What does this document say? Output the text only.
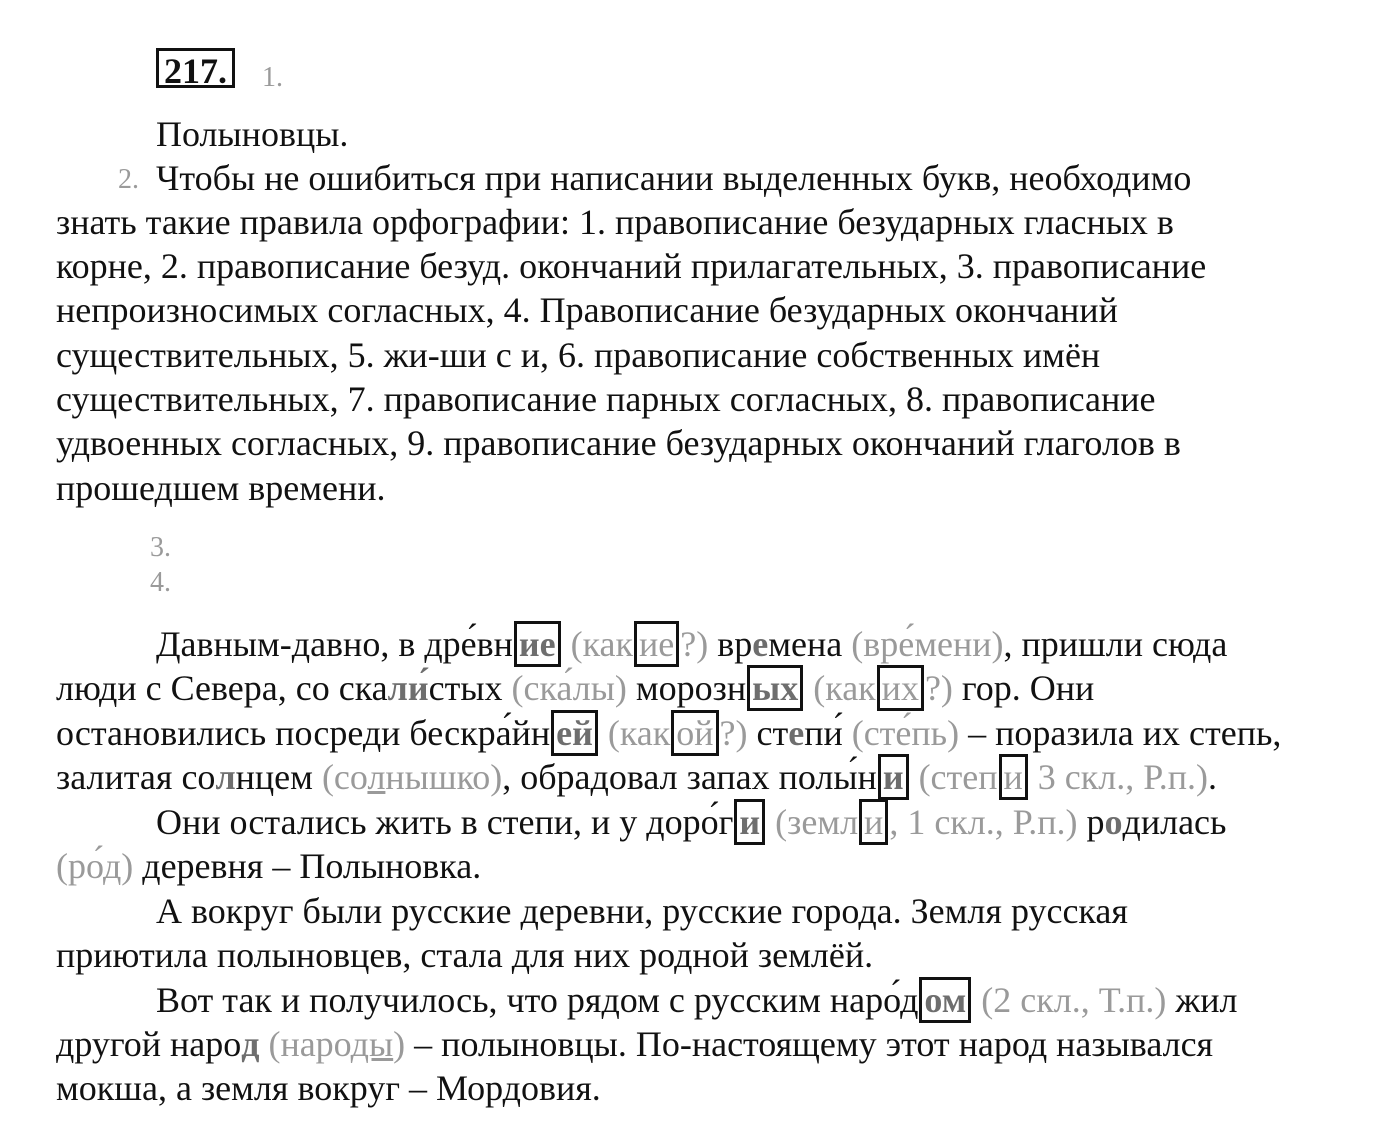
217. 1.
Полыновцы.
2. Чтобы не ошибиться при написании выделенных букв, необходимо
знать такие правила орфографии: 1. правописание безударных гласных в
корне, 2. правописание безуд. окончаний прилагательных, 3. правописание
непроизносимых согласных, 4. Правописание безударных окончаний
существительных, 5. жи-ши с и, 6. правописание собственных имён
существительных, 7. правописание парных согласных, 8. правописание
удвоенных согласных, 9. правописание безударных окончаний глаголов в
прошедшем времени.
3.
4.
Давным-давно, в дре́вн ие (как ие ?) времена (вре́мени), пришли сюда
люди с Севера, со скали́стых (ска́лы) морозн ых (как их ?) гор. Они
остановились посреди бескра́йн ей (как ой ?) степи́ (сте́пь) – поразила их степь,
залитая солнцем (солнышко), обрадовал запах полы́н и (степ и 3 скл., Р.п.).
Они остались жить в степи, и у доро́г и (земл и , 1 скл., Р.п.) родилась
(ро́д) деревня – Полыновка.
А вокруг были русские деревни, русские города. Земля русская
приютила полыновцев, стала для них родной землёй.
Вот так и получилось, что рядом с русским наро́д ом (2 скл., Т.п.) жил
другой народ (народы) – полыновцы. По-настоящему этот народ назывался
мокша, а земля вокруг – Мордовия.
